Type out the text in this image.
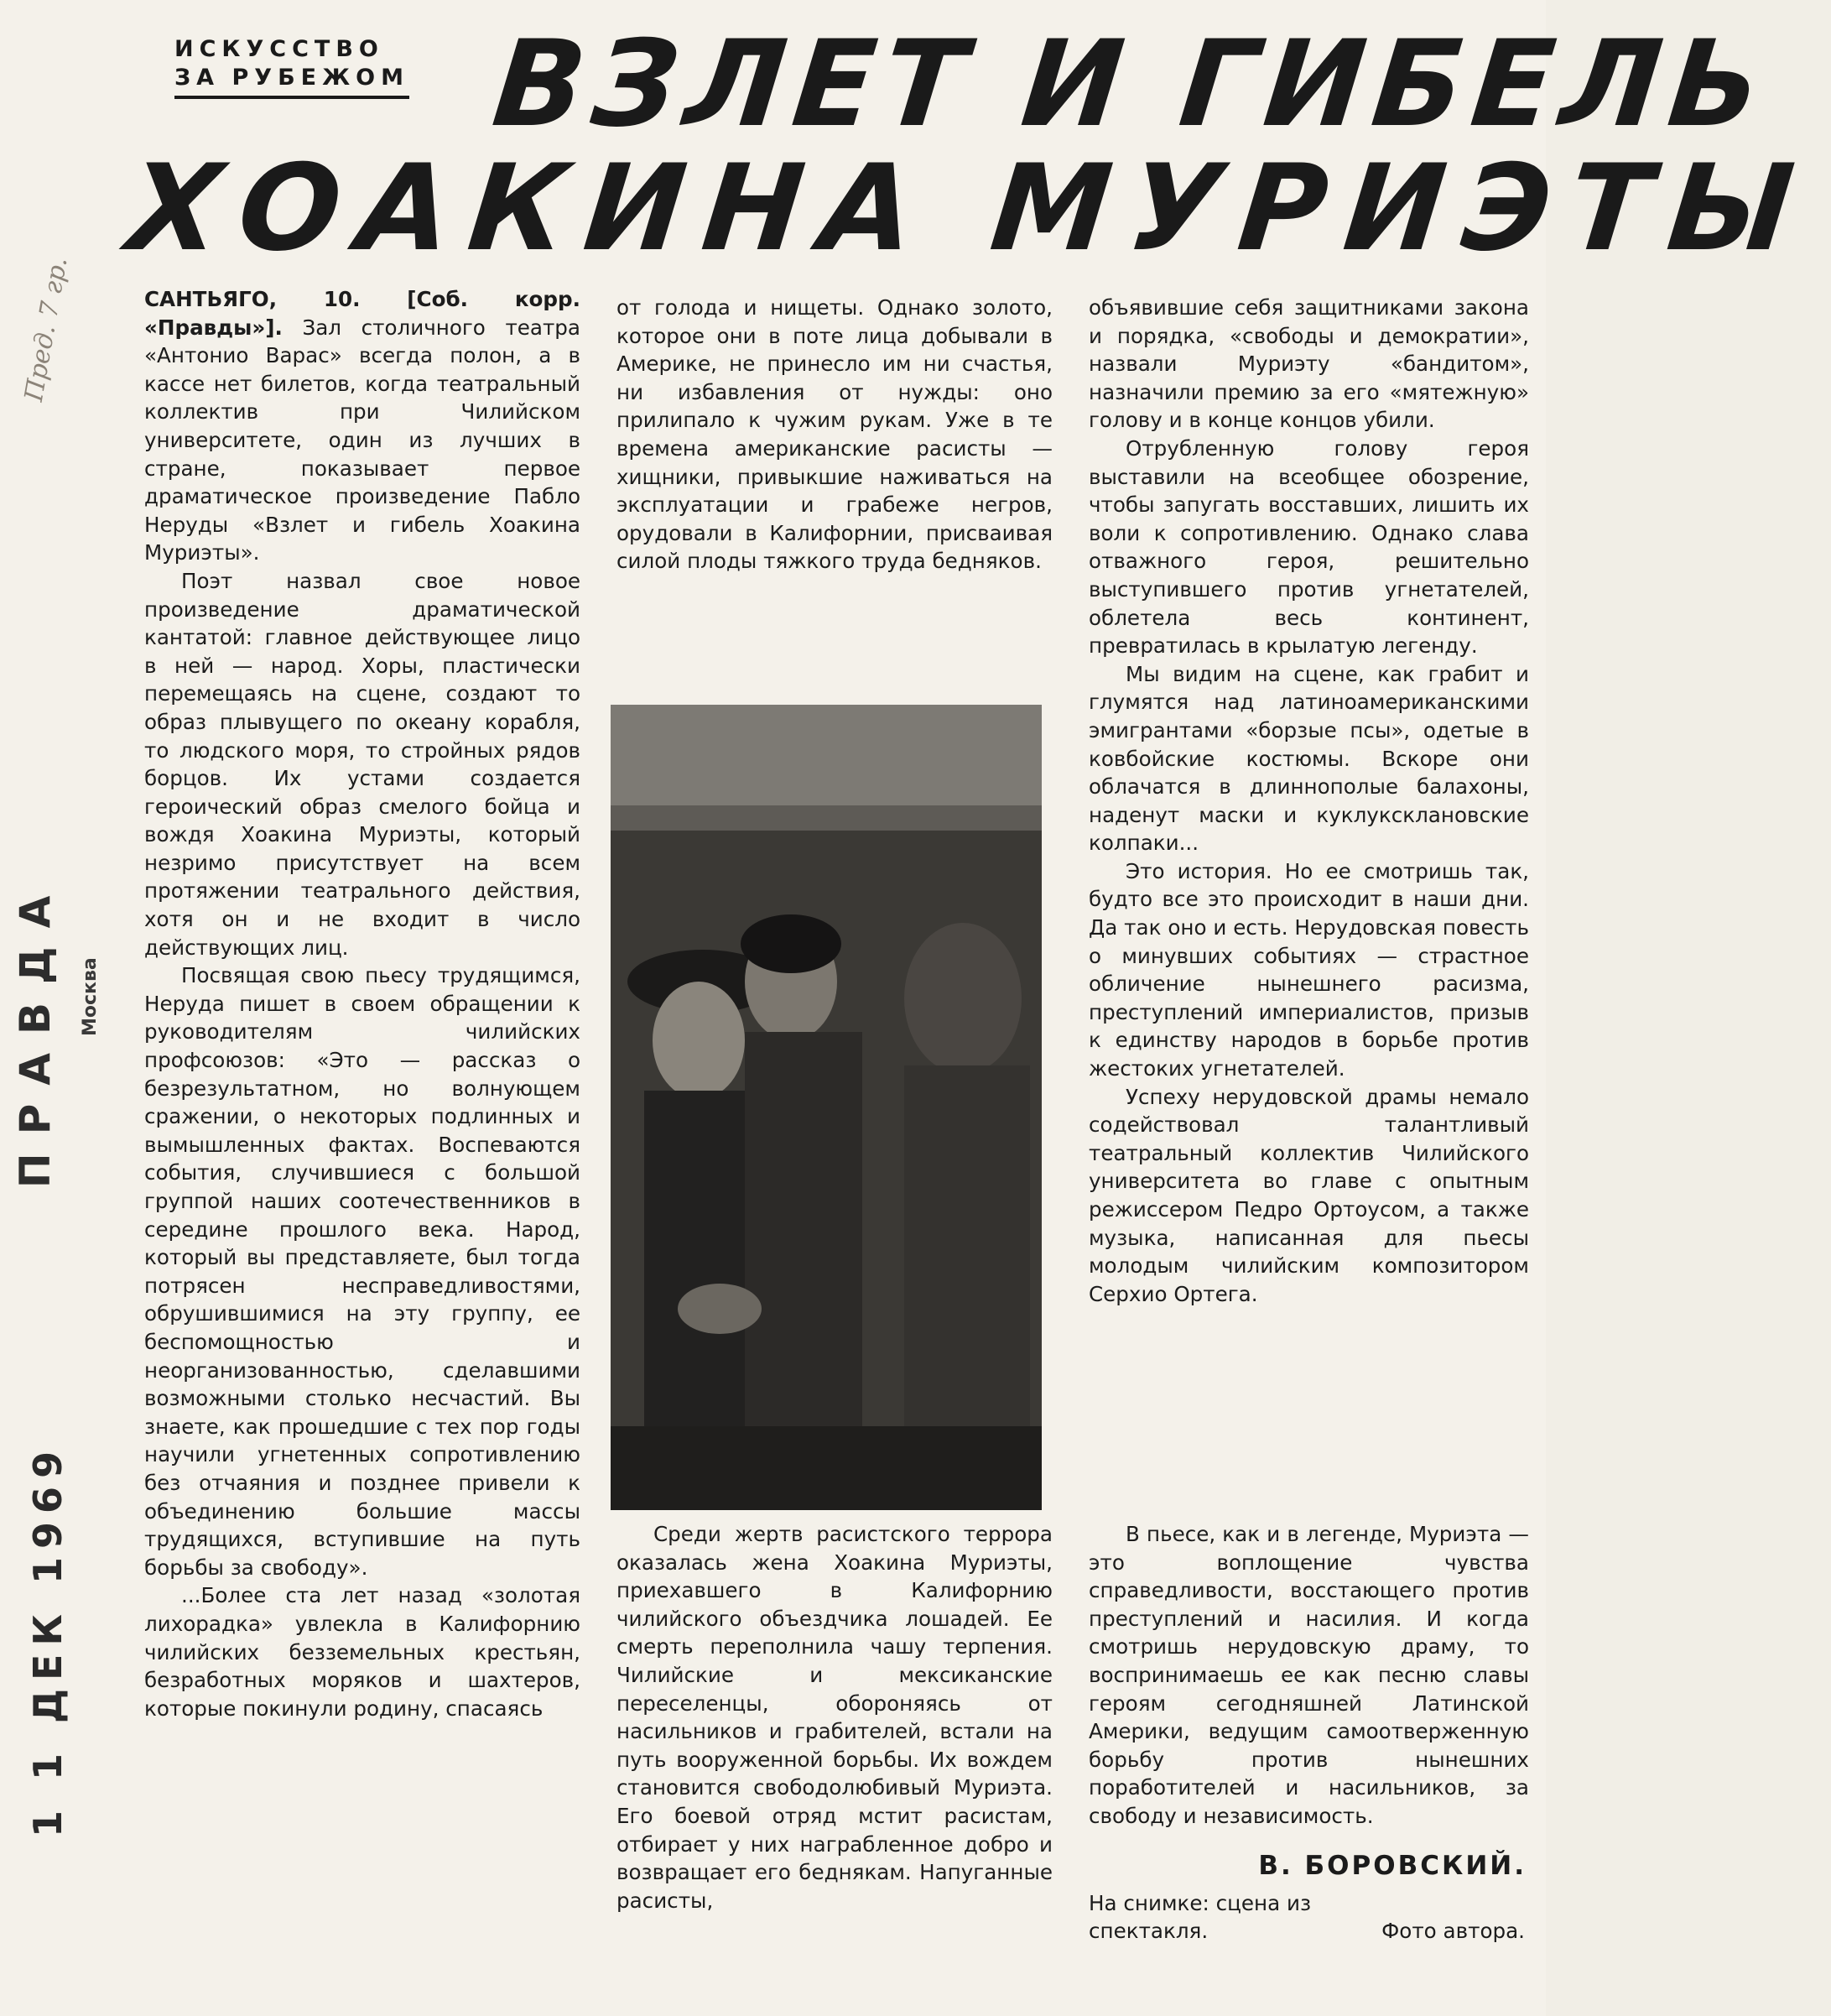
Пред. 7 гр.
ПРАВДА Москва
1 1 ДЕК 1969
ИСКУССТВО
ЗА РУБЕЖОМ ВЗЛЕТ И ГИБЕЛЬ
ХОАКИНА МУРИЭТЫ

САНТЬЯГО, 10. [Соб. корр. «Правды»]. Зал столичного театра «Антонио Варас» всегда полон, а в кассе нет билетов, когда театральный коллектив при Чилийском университете, один из лучших в стране, показывает первое драматическое произведение Пабло Неруды «Взлет и гибель Хоакина Муриэты».

Поэт назвал свое новое произведение драматической кантатой: главное действующее лицо в ней — народ. Хоры, пластически перемещаясь на сцене, создают то образ плывущего по океану корабля, то людского моря, то стройных рядов борцов. Их устами создается героический образ смелого бойца и вождя Хоакина Муриэты, который незримо присутствует на всем протяжении театрального действия, хотя он и не входит в число действующих лиц.

Посвящая свою пьесу трудящимся, Неруда пишет в своем обращении к руководителям чилийских профсоюзов: «Это — рассказ о безрезультатном, но волнующем сражении, о некоторых подлинных и вымышленных фактах. Воспеваются события, случившиеся с большой группой наших соотечественников в середине прошлого века. Народ, который вы представляете, был тогда потрясен несправедливостями, обрушившимися на эту группу, ее беспомощностью и неорганизованностью, сделавшими возможными столько несчастий. Вы знаете, как прошедшие с тех пор годы научили угнетенных сопротивлению без отчаяния и позднее привели к объединению большие массы трудящихся, вступившие на путь борьбы за свободу».

...Более ста лет назад «золотая лихорадка» увлекла в Калифорнию чилийских безземельных крестьян, безработных моряков и шахтеров, которые покинули родину, спасаясь

от голода и нищеты. Однако золото, которое они в поте лица добывали в Америке, не принесло им ни счастья, ни избавления от нужды: оно прилипало к чужим рукам. Уже в те времена американские расисты — хищники, привыкшие наживаться на эксплуатации и грабеже негров, орудовали в Калифорнии, присваивая силой плоды тяжкого труда бедняков.

объявившие себя защитниками закона и порядка, «свободы и демократии», назвали Муриэту «бандитом», назначили премию за его «мятежную» голову и в конце концов убили.

Отрубленную голову героя выставили на всеобщее обозрение, чтобы запугать восставших, лишить их воли к сопротивлению. Однако слава отважного героя, решительно выступившего против угнетателей, облетела весь континент, превратилась в крылатую легенду.

Мы видим на сцене, как грабит и глумятся над латиноамериканскими эмигрантами «борзые псы», одетые в ковбойские костюмы. Вскоре они облачатся в длиннополые балахоны, наденут маски и куклуксклановские колпаки...

Это история. Но ее смотришь так, будто все это происходит в наши дни. Да так оно и есть. Нерудовская повесть о минувших событиях — страстное обличение нынешнего расизма, преступлений империалистов, призыв к единству народов в борьбе против жестоких угнетателей.

Успеху нерудовской драмы немало содействовал талантливый театральный коллектив Чилийского университета во главе с опытным режиссером Педро Ортоусом, а также музыка, написанная для пьесы молодым чилийским композитором Серхио Ортега.

Среди жертв расистского террора оказалась жена Хоакина Муриэты, приехавшего в Калифорнию чилийского объездчика лошадей. Ее смерть переполнила чашу терпения. Чилийские и мексиканские переселенцы, обороняясь от насильников и грабителей, встали на путь вооруженной борьбы. Их вождем становится свободолюбивый Муриэта. Его боевой отряд мстит расистам, отбирает у них награбленное добро и возвращает его беднякам. Напуганные расисты,

В пьесе, как и в легенде, Муриэта — это воплощение чувства справедливости, восстающего против преступлений и насилия. И когда смотришь нерудовскую драму, то воспринимаешь ее как песню славы героям сегодняшней Латинской Америки, ведущим самоотверженную борьбу против нынешних поработителей и насильников, за свободу и независимость.

В. БОРОВСКИЙ.
На снимке: сцена из
спектакля.	Фото автора.
